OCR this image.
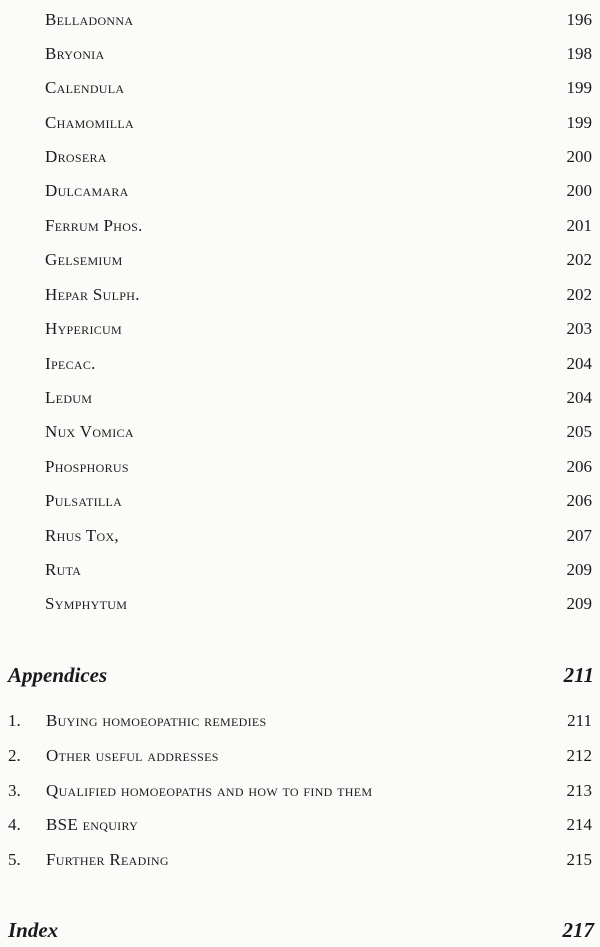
Belladonna	196
Bryonia	198
Calendula	199
Chamomilla	199
Drosera	200
Dulcamara	200
Ferrum Phos.	201
Gelsemium	202
Hepar Sulph.	202
Hypericum	203
Ipecac.	204
Ledum	204
Nux Vomica	205
Phosphorus	206
Pulsatilla	206
Rhus Tox,	207
Ruta	209
Symphytum	209
Appendices	211
1. Buying homoeopathic remedies	211
2. Other useful addresses	212
3. Qualified homoeopaths and how to find them	213
4. BSE enquiry	214
5. Further Reading	215
Index	217
